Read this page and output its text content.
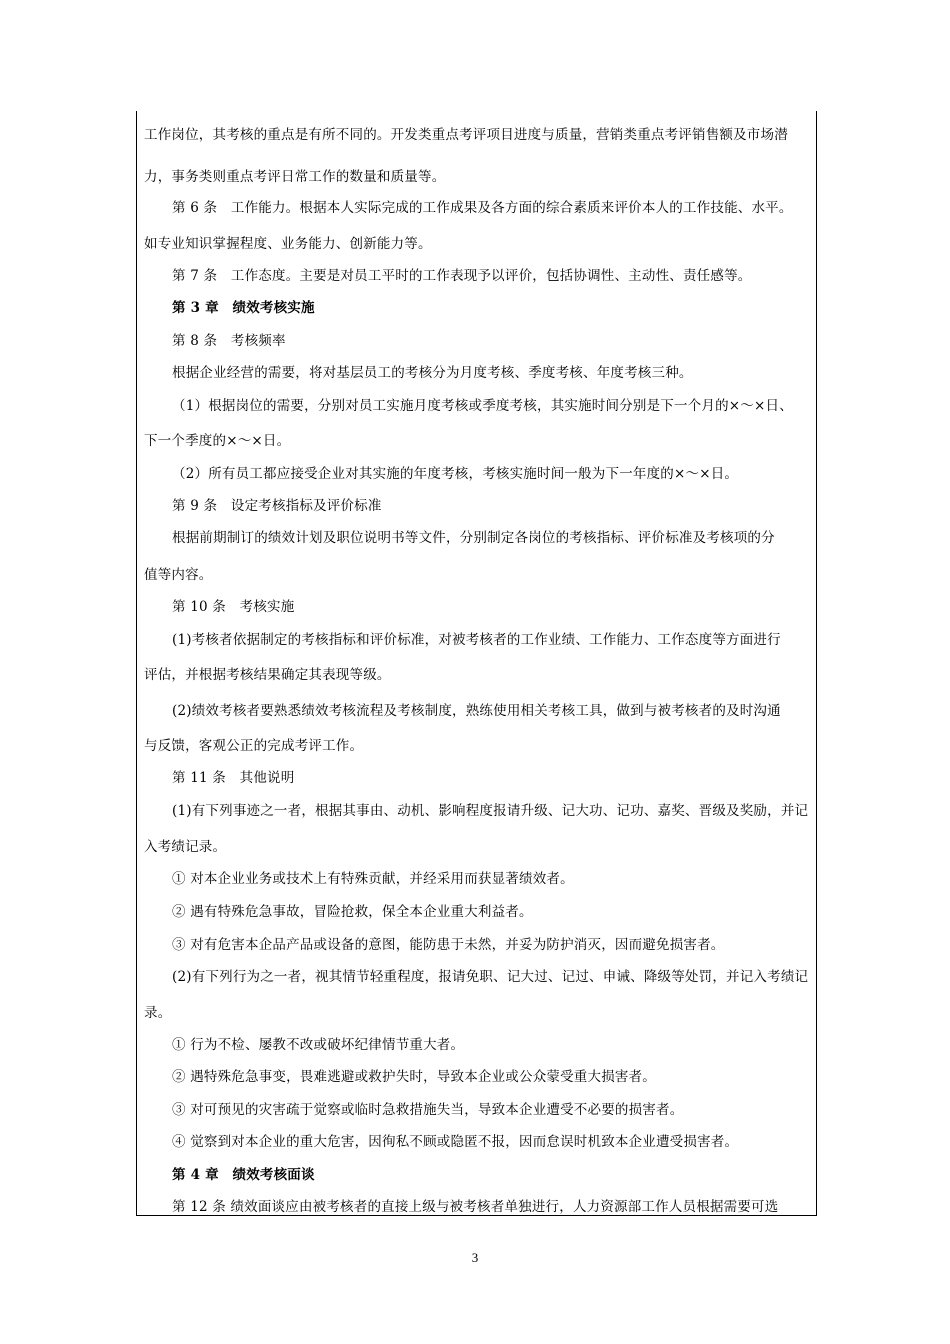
工作岗位，其考核的重点是有所不同的。开发类重点考评项目进度与质量，营销类重点考评销售额及市场潜
力，事务类则重点考评日常工作的数量和质量等。
第 6 条　工作能力。根据本人实际完成的工作成果及各方面的综合素质来评价本人的工作技能、水平。
如专业知识掌握程度、业务能力、创新能力等。
第 7 条　工作态度。主要是对员工平时的工作表现予以评价，包括协调性、主动性、责任感等。
第 3 章　绩效考核实施
第 8 条　考核频率
根据企业经营的需要，将对基层员工的考核分为月度考核、季度考核、年度考核三种。
（1）根据岗位的需要，分别对员工实施月度考核或季度考核，其实施时间分别是下一个月的×～×日、
下一个季度的×～×日。
（2）所有员工都应接受企业对其实施的年度考核，考核实施时间一般为下一年度的×～×日。
第 9 条　设定考核指标及评价标准
根据前期制订的绩效计划及职位说明书等文件，分别制定各岗位的考核指标、评价标准及考核项的分
值等内容。
第 10 条　考核实施
(1)考核者依据制定的考核指标和评价标准，对被考核者的工作业绩、工作能力、工作态度等方面进行
评估，并根据考核结果确定其表现等级。
(2)绩效考核者要熟悉绩效考核流程及考核制度，熟练使用相关考核工具，做到与被考核者的及时沟通
与反馈，客观公正的完成考评工作。
第 11 条　其他说明
(1)有下列事迹之一者，根据其事由、动机、影响程度报请升级、记大功、记功、嘉奖、晋级及奖励，并记
入考绩记录。
① 对本企业业务或技术上有特殊贡献，并经采用而获显著绩效者。
② 遇有特殊危急事故，冒险抢救，保全本企业重大利益者。
③ 对有危害本企品产品或设备的意图，能防患于未然，并妥为防护消灭，因而避免损害者。
(2)有下列行为之一者，视其情节轻重程度，报请免职、记大过、记过、申诫、降级等处罚，并记入考绩记
录。
① 行为不检、屡教不改或破坏纪律情节重大者。
② 遇特殊危急事变，畏难逃避或救护失时，导致本企业或公众蒙受重大损害者。
③ 对可预见的灾害疏于觉察或临时急救措施失当，导致本企业遭受不必要的损害者。
④ 觉察到对本企业的重大危害，因徇私不顾或隐匿不报，因而怠误时机致本企业遭受损害者。
第 4 章　绩效考核面谈
第 12 条 绩效面谈应由被考核者的直接上级与被考核者单独进行，人力资源部工作人员根据需要可选
3
